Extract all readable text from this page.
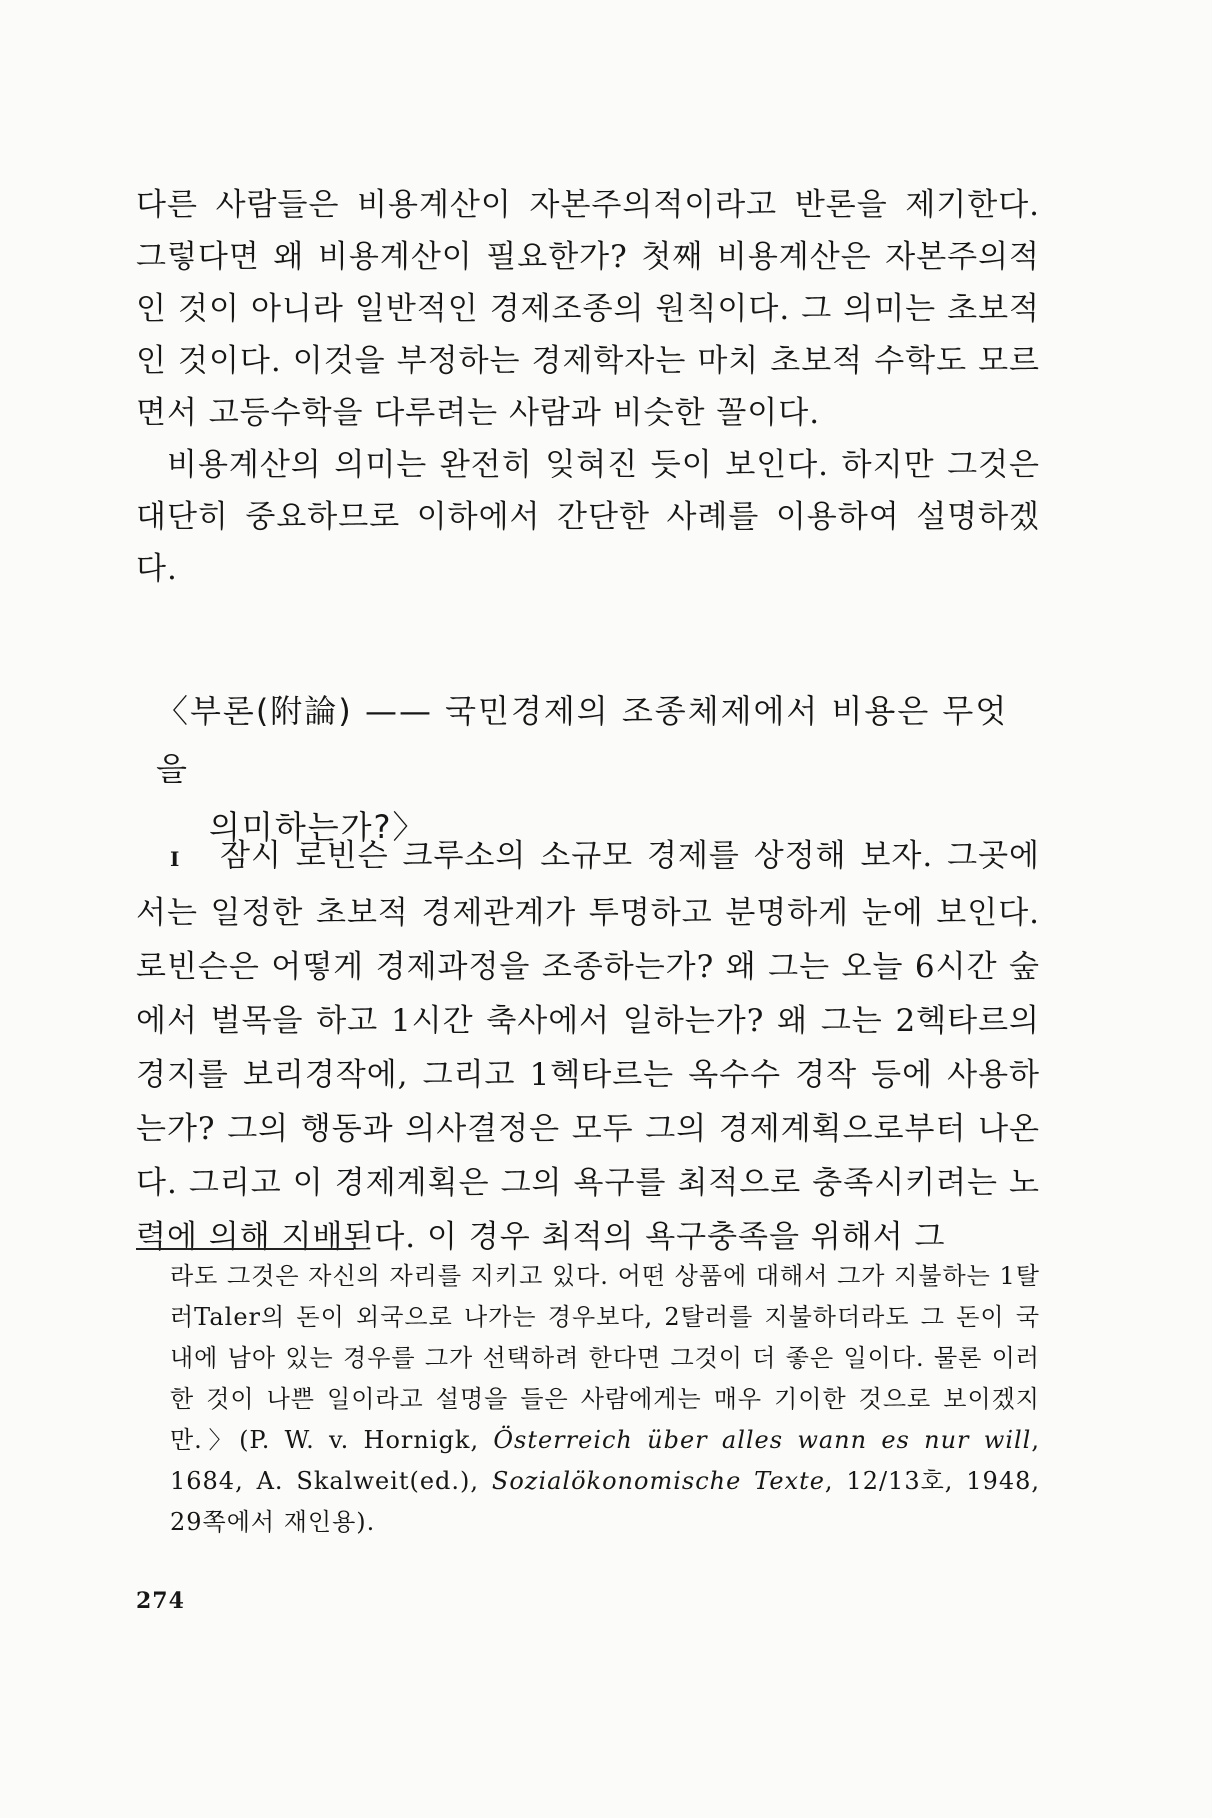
다른 사람들은 비용계산이 자본주의적이라고 반론을 제기한다. 그렇다면 왜 비용계산이 필요한가? 첫째 비용계산은 자본주의적인 것이 아니라 일반적인 경제조종의 원칙이다. 그 의미는 초보적인 것이다. 이것을 부정하는 경제학자는 마치 초보적 수학도 모르면서 고등수학을 다루려는 사람과 비슷한 꼴이다.

비용계산의 의미는 완전히 잊혀진 듯이 보인다. 하지만 그것은 대단히 중요하므로 이하에서 간단한 사례를 이용하여 설명하겠다.

〈부론(附論) —— 국민경제의 조종체제에서 비용은 무엇을
의미하는가?〉
I 잠시 로빈슨 크루소의 소규모 경제를 상정해 보자. 그곳에서는 일정한 초보적 경제관계가 투명하고 분명하게 눈에 보인다. 로빈슨은 어떻게 경제과정을 조종하는가? 왜 그는 오늘 6시간 숲에서 벌목을 하고 1시간 축사에서 일하는가? 왜 그는 2헥타르의 경지를 보리경작에, 그리고 1헥타르는 옥수수 경작 등에 사용하는가? 그의 행동과 의사결정은 모두 그의 경제계획으로부터 나온다. 그리고 이 경제계획은 그의 욕구를 최적으로 충족시키려는 노력에 의해 지배된다. 이 경우 최적의 욕구충족을 위해서 그
라도 그것은 자신의 자리를 지키고 있다. 어떤 상품에 대해서 그가 지불하는 1탈러Taler의 돈이 외국으로 나가는 경우보다, 2탈러를 지불하더라도 그 돈이 국내에 남아 있는 경우를 그가 선택하려 한다면 그것이 더 좋은 일이다. 물론 이러한 것이 나쁜 일이라고 설명을 들은 사람에게는 매우 기이한 것으로 보이겠지만.〉(P. W. v. Hornigk, Österreich über alles wann es nur will, 1684, A. Skalweit(ed.), Sozialökonomische Texte, 12/13호, 1948, 29쪽에서 재인용).
274
